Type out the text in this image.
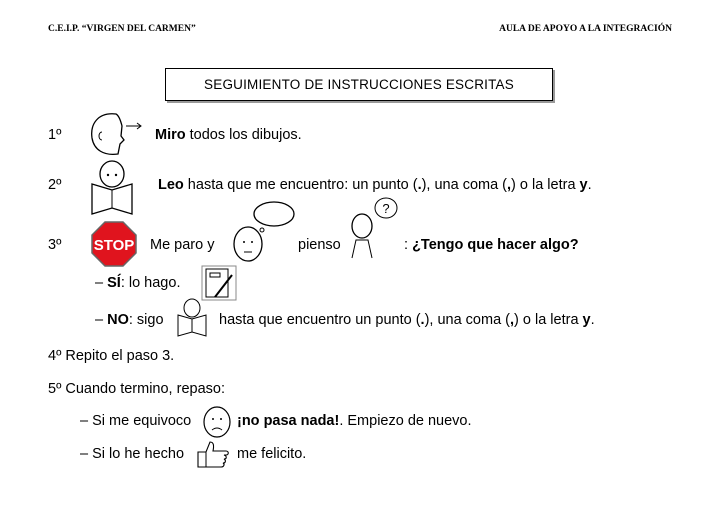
C.E.I.P. “VIRGEN DEL CARMEN”	AULA DE APOYO A LA INTEGRACIÓN
SEGUIMIENTO DE INSTRUCCIONES ESCRITAS
1º	Miro todos los dibujos.
2º	Leo hasta que me encuentro: un punto (.), una coma (,) o la letra y.
3º STOP Me paro y	pienso
?
: ¿Tengo que hacer algo?
– SÍ: lo hago.
– NO: sigo	hasta que encuentro un punto (.), una coma (,) o la letra y.
4º Repito el paso 3.
5º Cuando termino, repaso:
– Si me equivoco	¡no pasa nada!. Empiezo de nuevo.
– Si lo he hecho	me felicito.
